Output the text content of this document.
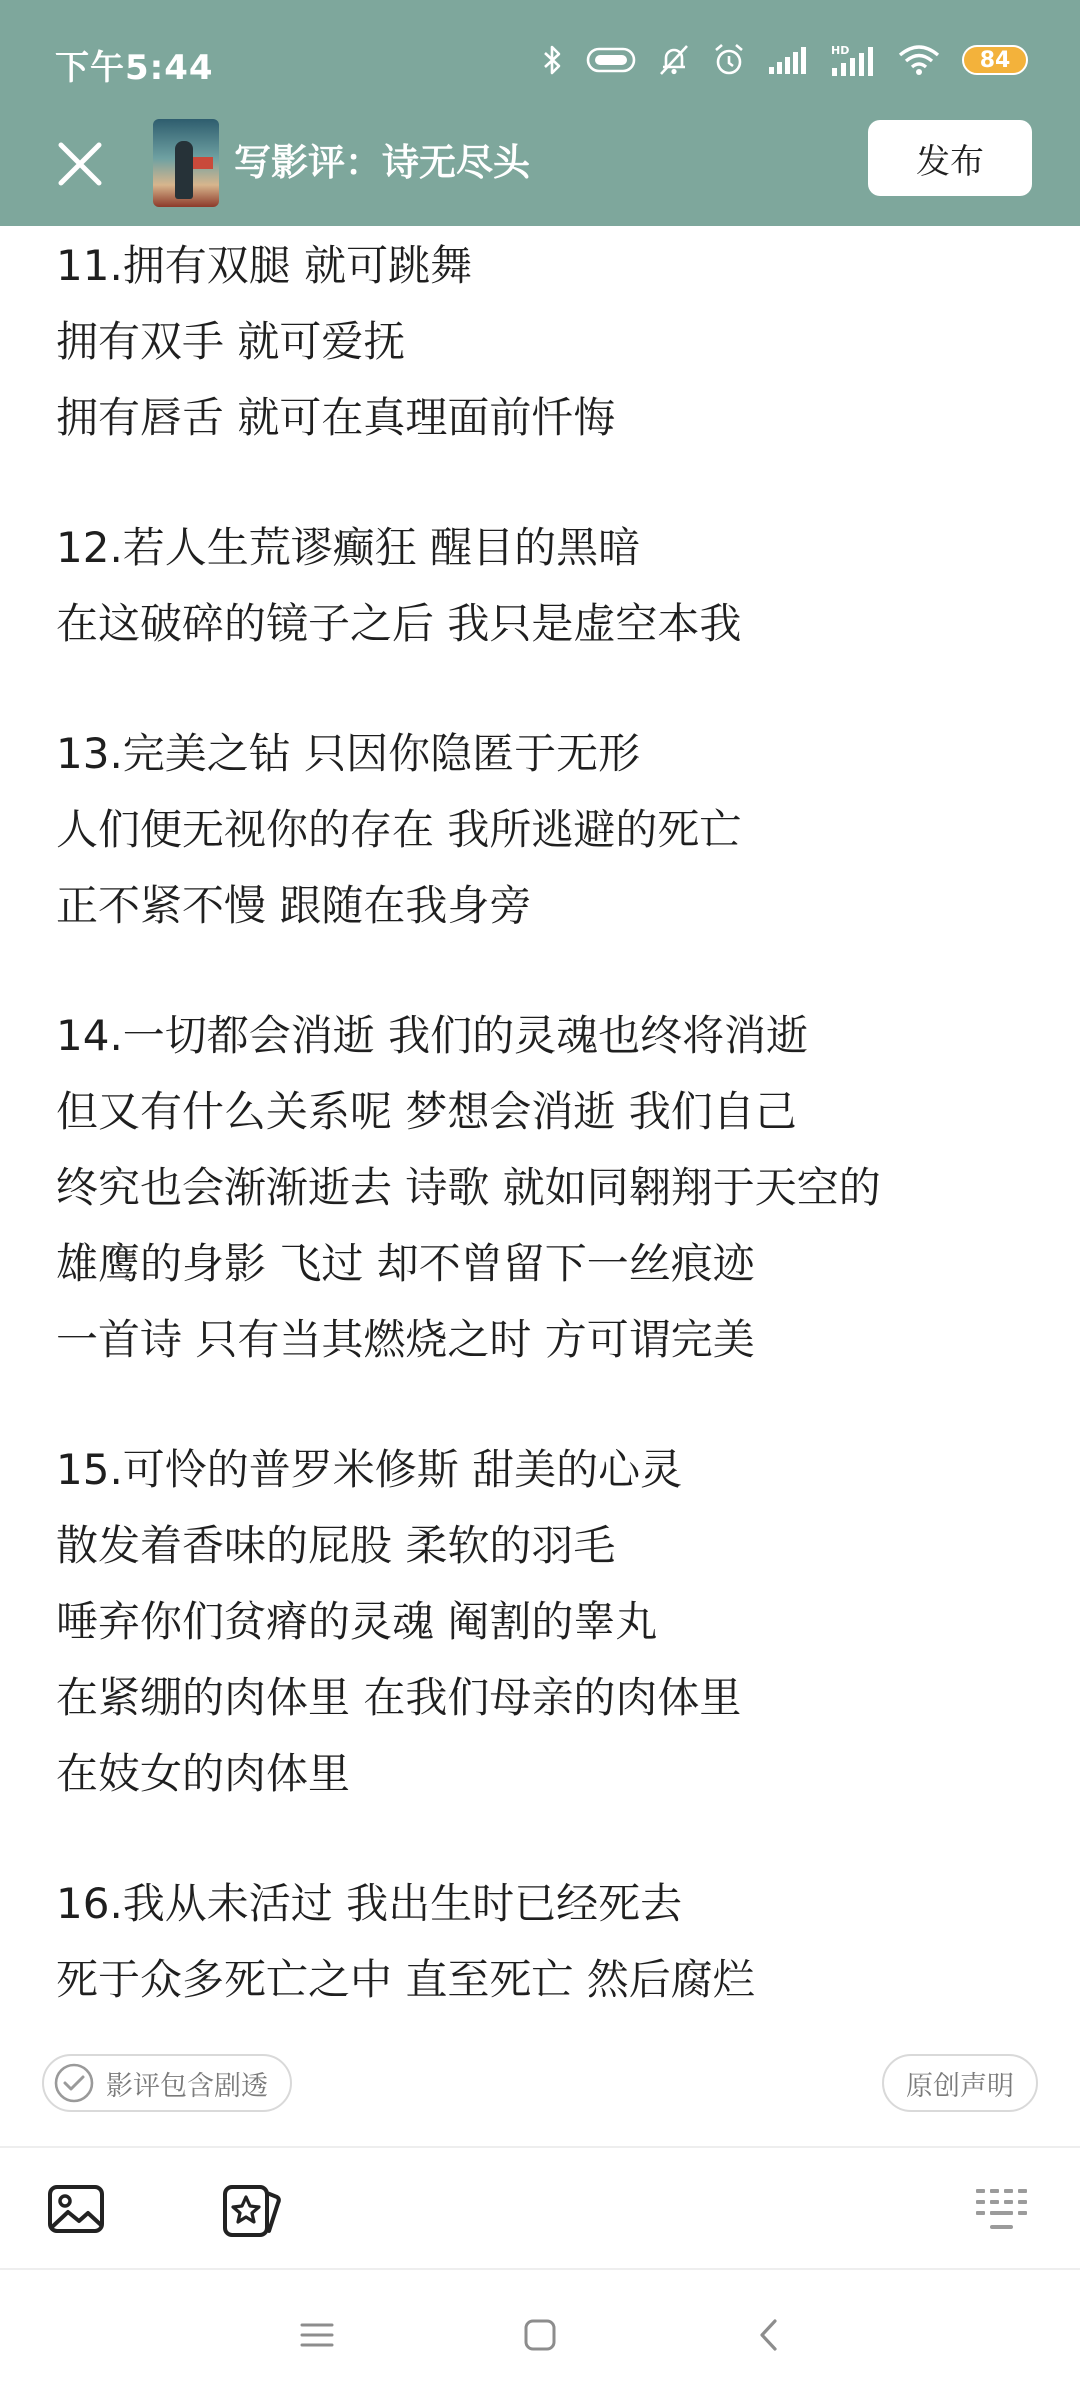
下午5:44	HD	84
写影评：诗无尽头	发布
11.拥有双腿 就可跳舞
拥有双手 就可爱抚
拥有唇舌 就可在真理面前忏悔
12.若人生荒谬癫狂 醒目的黑暗
在这破碎的镜子之后 我只是虚空本我
13.完美之钻 只因你隐匿于无形
人们便无视你的存在 我所逃避的死亡
正不紧不慢 跟随在我身旁
14.一切都会消逝 我们的灵魂也终将消逝
但又有什么关系呢 梦想会消逝 我们自己
终究也会渐渐逝去 诗歌 就如同翱翔于天空的
雄鹰的身影 飞过 却不曾留下一丝痕迹
一首诗 只有当其燃烧之时 方可谓完美
15.可怜的普罗米修斯 甜美的心灵
散发着香味的屁股 柔软的羽毛
唾弃你们贫瘠的灵魂 阉割的睾丸
在紧绷的肉体里 在我们母亲的肉体里
在妓女的肉体里
16.我从未活过 我出生时已经死去
死于众多死亡之中 直至死亡 然后腐烂
影评包含剧透	原创声明
